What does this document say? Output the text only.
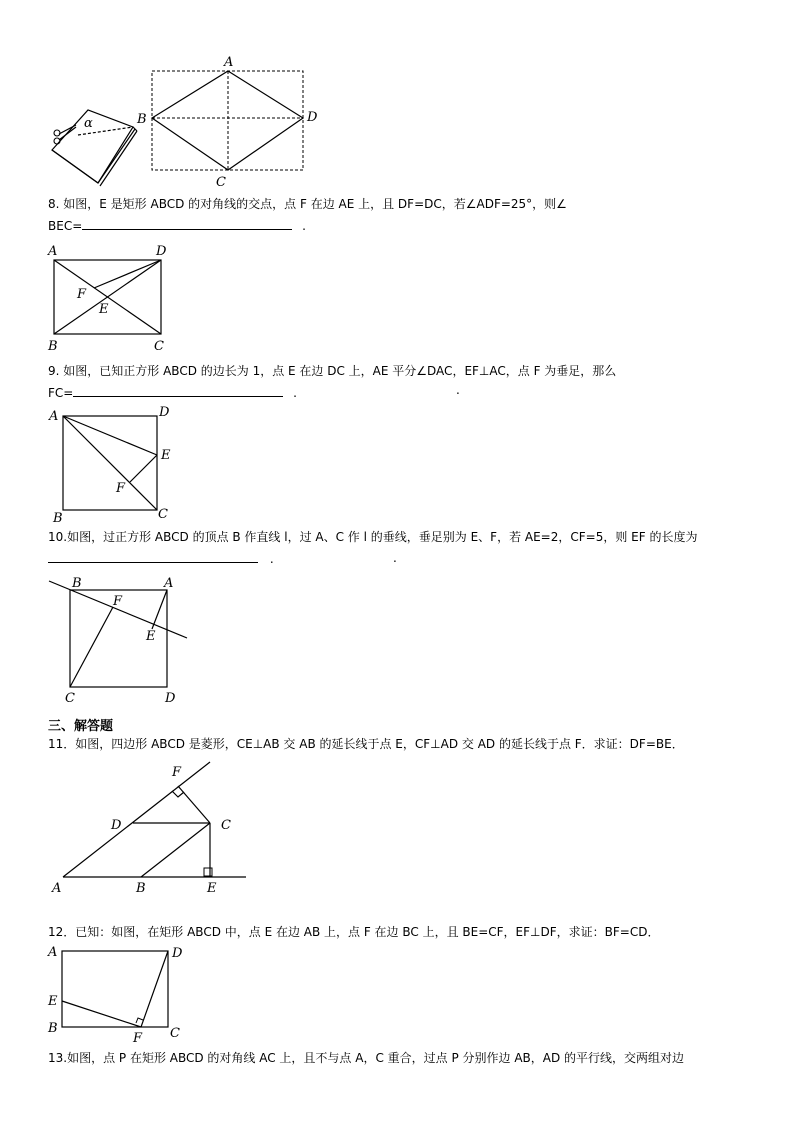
α
A
B	D
C
8. 如图，E 是矩形 ABCD 的对角线的交点，点 F 在边 AE 上，且 DF=DC，若∠ADF=25°，则∠
BEC=	.
A	D
F
E
B	C
9. 如图，已知正方形 ABCD 的边长为 1，点 E 在边 DC 上，AE 平分∠DAC，EF⊥AC，点 F 为垂足，那么
FC=	.	.
A	D
E
F
B	C
10.如图，过正方形 ABCD 的顶点 B 作直线 l，过 A、C 作 l 的垂线，垂足别为 E、F，若 AE=2，CF=5，则 EF 的长度为
.	.
B	A
F
E
C	D
三、解答题
11．如图，四边形 ABCD 是菱形，CE⊥AB 交 AB 的延长线于点 E，CF⊥AD 交 AD 的延长线于点 F．求证：DF=BE．
F
D	C
A	B	E
12．已知：如图，在矩形 ABCD 中，点 E 在边 AB 上，点 F 在边 BC 上，且 BE=CF，EF⊥DF，求证：BF=CD．
A	D
E
B
F C
13.如图，点 P 在矩形 ABCD 的对角线 AC 上，且不与点 A，C 重合，过点 P 分别作边 AB，AD 的平行线，交两组对边
